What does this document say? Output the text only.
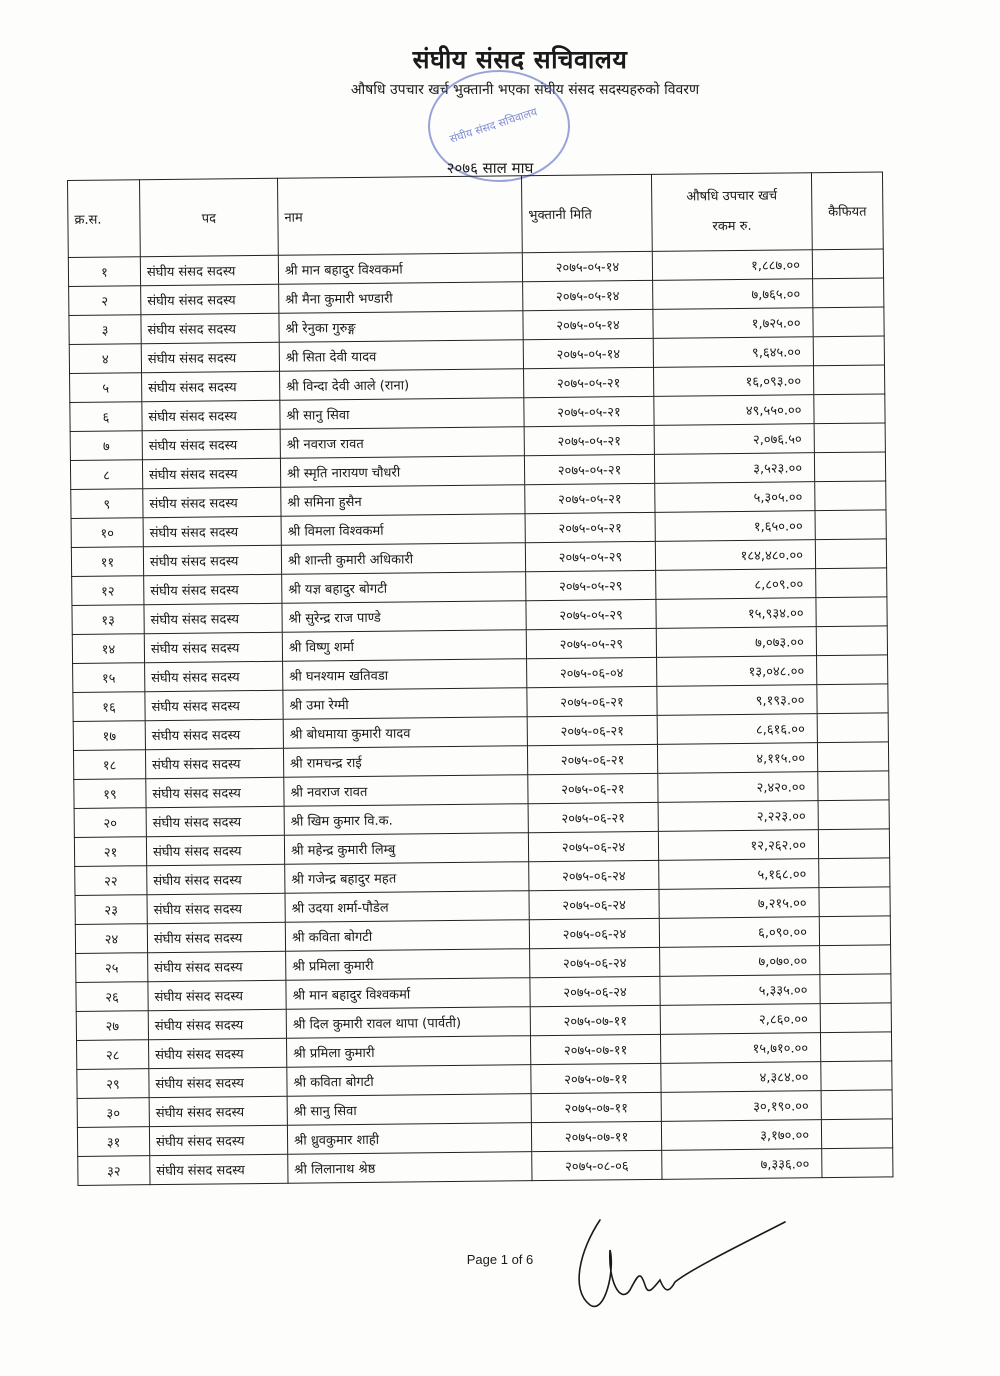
संघीय संसद सचिवालय
औषधि उपचार खर्च भुक्तानी भएका संघीय संसद सदस्यहरुको विवरण
संघीय संसद सचिवालय
२०७६ साल माघ
क्र.स.	पद	नाम	भुक्तानी मिति	औषधि उपचार खर्च
रकम रु.	कैफियत
१	संघीय संसद सदस्य	श्री मान बहादुर विश्वकर्मा	२०७५-०५-१४	१,८८७.००	
२	संघीय संसद सदस्य	श्री मैना कुमारी भण्डारी	२०७५-०५-१४	७,७६५.००	
३	संघीय संसद सदस्य	श्री रेनुका गुरुङ्ग	२०७५-०५-१४	१,७२५.००	
४	संघीय संसद सदस्य	श्री सिता देवी यादव	२०७५-०५-१४	९,६४५.००	
५	संघीय संसद सदस्य	श्री विन्दा देवी आले (राना)	२०७५-०५-२१	१६,०९३.००	
६	संघीय संसद सदस्य	श्री सानु सिवा	२०७५-०५-२१	४९,५५०.००	
७	संघीय संसद सदस्य	श्री नवराज रावत	२०७५-०५-२१	२,०७६.५०	
८	संघीय संसद सदस्य	श्री स्मृति नारायण चौधरी	२०७५-०५-२१	३,५२३.००	
९	संघीय संसद सदस्य	श्री समिना हुसैन	२०७५-०५-२१	५,३०५.००	
१०	संघीय संसद सदस्य	श्री विमला विश्वकर्मा	२०७५-०५-२१	१,६५०.००	
११	संघीय संसद सदस्य	श्री शान्ती कुमारी अधिकारी	२०७५-०५-२९	१८४,४८०.००	
१२	संघीय संसद सदस्य	श्री यज्ञ बहादुर बोगटी	२०७५-०५-२९	८,८०९.००	
१३	संघीय संसद सदस्य	श्री सुरेन्द्र राज पाण्डे	२०७५-०५-२९	१५,९३४.००	
१४	संघीय संसद सदस्य	श्री विष्णु शर्मा	२०७५-०५-२९	७,०७३.००	
१५	संघीय संसद सदस्य	श्री घनश्याम खतिवडा	२०७५-०६-०४	१३,०४८.००	
१६	संघीय संसद सदस्य	श्री उमा रेग्मी	२०७५-०६-२१	९,१९३.००	
१७	संघीय संसद सदस्य	श्री बोधमाया कुमारी यादव	२०७५-०६-२१	८,६१६.००	
१८	संघीय संसद सदस्य	श्री रामचन्द्र राई	२०७५-०६-२१	४,११५.००	
१९	संघीय संसद सदस्य	श्री नवराज रावत	२०७५-०६-२१	२,४२०.००	
२०	संघीय संसद सदस्य	श्री खिम कुमार वि.क.	२०७५-०६-२१	२,२२३.००	
२१	संघीय संसद सदस्य	श्री महेन्द्र कुमारी लिम्बु	२०७५-०६-२४	१२,२६२.००	
२२	संघीय संसद सदस्य	श्री गजेन्द्र बहादुर महत	२०७५-०६-२४	५,१६८.००	
२३	संघीय संसद सदस्य	श्री उदया शर्मा-पौडेल	२०७५-०६-२४	७,२१५.००	
२४	संघीय संसद सदस्य	श्री कविता बोगटी	२०७५-०६-२४	६,०९०.००	
२५	संघीय संसद सदस्य	श्री प्रमिला कुमारी	२०७५-०६-२४	७,०७०.००	
२६	संघीय संसद सदस्य	श्री मान बहादुर विश्वकर्मा	२०७५-०६-२४	५,३३५.००	
२७	संघीय संसद सदस्य	श्री दिल कुमारी रावल थापा (पार्वती)	२०७५-०७-११	२,८६०.००	
२८	संघीय संसद सदस्य	श्री प्रमिला कुमारी	२०७५-०७-११	१५,७१०.००	
२९	संघीय संसद सदस्य	श्री कविता बोगटी	२०७५-०७-११	४,३८४.००	
३०	संघीय संसद सदस्य	श्री सानु सिवा	२०७५-०७-११	३०,१९०.००	
३१	संघीय संसद सदस्य	श्री ध्रुवकुमार शाही	२०७५-०७-११	३,१७०.००	
३२	संघीय संसद सदस्य	श्री लिलानाथ श्रेष्ठ	२०७५-०८-०६	७,३३६.००	
Page 1 of 6
